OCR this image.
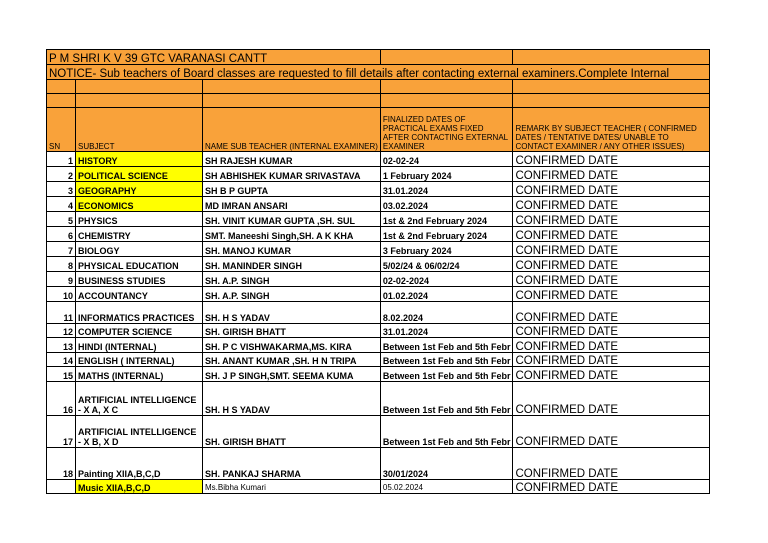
P M SHRI K V 39 GTC VARANASI CANTT				
NOTICE- Sub teachers of Board classes are requested to fill details after contacting external examiners.Complete Internal				

SN	SUBJECT	NAME SUB TEACHER (INTERNAL EXAMINER)	FINALIZED DATES OF PRACTICAL EXAMS FIXED AFTER CONTACTING EXTERNAL EXAMINER	REMARK BY SUBJECT TEACHER ( CONFIRMED DATES / TENTATIVE DATES/ UNABLE TO CONTACT EXAMINER / ANY OTHER ISSUES)
1	HISTORY	SH RAJESH KUMAR	02-02-24	CONFIRMED DATE
2	POLITICAL SCIENCE	SH ABHISHEK KUMAR SRIVASTAVA	1 February 2024	CONFIRMED DATE
3	GEOGRAPHY	SH B P GUPTA	31.01.2024	CONFIRMED DATE
4	ECONOMICS	MD IMRAN ANSARI	03.02.2024	CONFIRMED DATE
5	PHYSICS	SH. VINIT KUMAR GUPTA ,SH. SUL	1st & 2nd February 2024	CONFIRMED DATE
6	CHEMISTRY	SMT. Maneeshi Singh,SH. A K KHA	1st & 2nd February 2024	CONFIRMED DATE
7	BIOLOGY	SH. MANOJ KUMAR	3 February 2024	CONFIRMED DATE
8	PHYSICAL EDUCATION	SH. MANINDER SINGH	5/02/24 & 06/02/24	CONFIRMED DATE
9	BUSINESS STUDIES	SH. A.P. SINGH	02-02-2024	CONFIRMED DATE
10	ACCOUNTANCY	SH. A.P. SINGH	01.02.2024	CONFIRMED DATE
11	INFORMATICS PRACTICES	SH. H S YADAV	8.02.2024	CONFIRMED DATE
12	COMPUTER SCIENCE	SH. GIRISH BHATT	31.01.2024	CONFIRMED DATE
13	HINDI (INTERNAL)	SH. P C VISHWAKARMA,MS. KIRA	Between 1st Feb and 5th Febr	CONFIRMED DATE
14	ENGLISH ( INTERNAL)	SH. ANANT KUMAR ,SH. H N TRIPA	Between 1st Feb and 5th Febr	CONFIRMED DATE
15	MATHS (INTERNAL)	SH. J P SINGH,SMT. SEEMA KUMA	Between 1st Feb and 5th Febr	CONFIRMED DATE
16	ARTIFICIAL INTELLIGENCE - X A, X C	SH. H S YADAV	Between 1st Feb and 5th Febr	CONFIRMED DATE
17	ARTIFICIAL INTELLIGENCE - X B, X D	SH. GIRISH BHATT	Between 1st Feb and 5th Febr	CONFIRMED DATE
18	Painting XIIA,B,C,D	SH. PANKAJ SHARMA	30/01/2024	CONFIRMED DATE
	Music XIIA,B,C,D	Ms.Bibha Kumari	05.02.2024	CONFIRMED DATE
